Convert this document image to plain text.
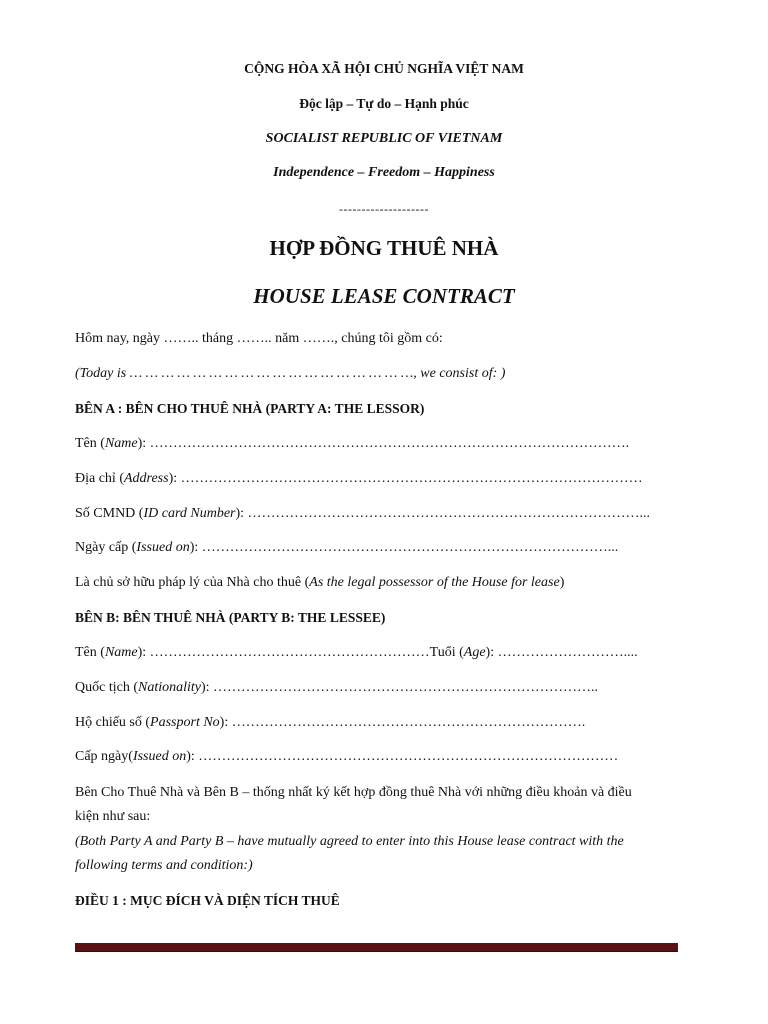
CỘNG HÒA XÃ HỘI CHỦ NGHĨA VIỆT NAM
Độc lập – Tự do – Hạnh phúc
SOCIALIST REPUBLIC OF VIETNAM
Independence – Freedom – Happiness
--------------------
HỢP ĐỒNG THUÊ NHÀ
HOUSE LEASE CONTRACT
Hôm nay, ngày …….. tháng …….. năm ……., chúng tôi gồm có:
(Today is … … … … … … … … … … … … … … … … … …, we consist of: )
BÊN A : BÊN CHO THUÊ NHÀ (PARTY A: THE LESSOR)
Tên (Name): ………………………………………………………………………………………….
Địa chỉ (Address): ………………………………………………………………………………………
Số CMND (ID card Number): …………………………………………………………………………...
Ngày cấp (Issued on): ……………………………………………………………………………...
Là chủ sở hữu pháp lý của Nhà cho thuê (As the legal possessor of the House for lease)
BÊN B: BÊN THUÊ NHÀ (PARTY B: THE LESSEE)
Tên (Name): ……………………………………………………Tuổi (Age): ………………………....
Quốc tịch (Nationality): ………………………………………………………………………..
Hộ chiếu số (Passport No): ………………………………………………………………….
Cấp ngày(Issued on): ………………………………………………………………………………
Bên Cho Thuê Nhà và Bên B – thống nhất ký kết hợp đồng thuê Nhà với những điều khoản và điều
kiện như sau:
(Both Party A and Party B – have mutually agreed to enter into this House lease contract with the
following terms and condition:)
ĐIỀU 1 : MỤC ĐÍCH VÀ DIỆN TÍCH THUÊ
